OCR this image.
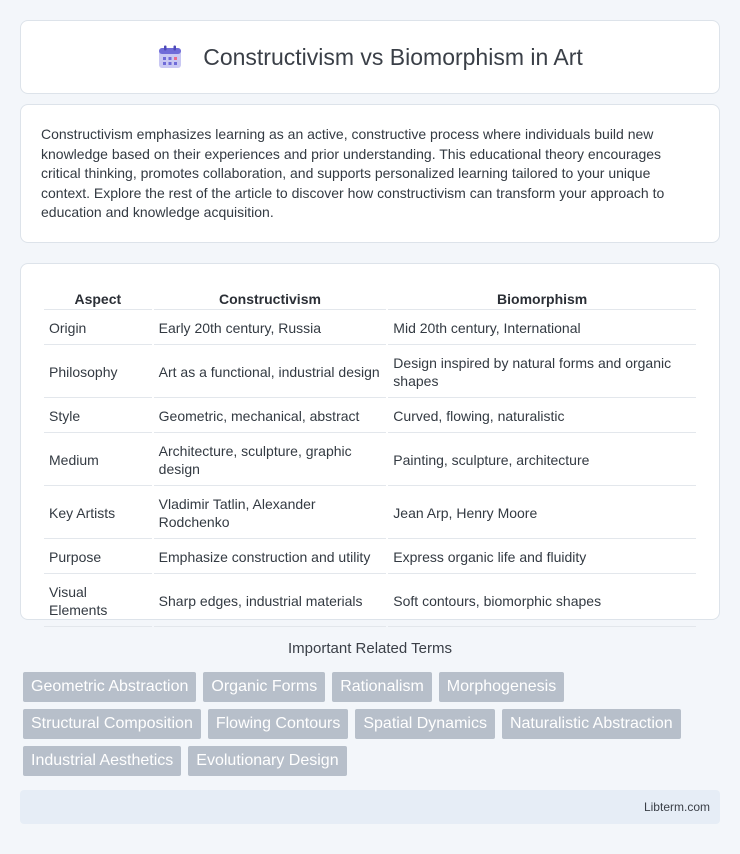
Constructivism vs Biomorphism in Art

Constructivism emphasizes learning as an active, constructive process where individuals build new knowledge based on their experiences and prior understanding. This educational theory encourages critical thinking, promotes collaboration, and supports personalized learning tailored to your unique context. Explore the rest of the article to discover how constructivism can transform your approach to education and knowledge acquisition.

Aspect	Constructivism	Biomorphism
Origin	Early 20th century, Russia	Mid 20th century, International
Philosophy	Art as a functional, industrial design	Design inspired by natural forms and organic shapes
Style	Geometric, mechanical, abstract	Curved, flowing, naturalistic
Medium	Architecture, sculpture, graphic design	Painting, sculpture, architecture
Key Artists	Vladimir Tatlin, Alexander Rodchenko	Jean Arp, Henry Moore
Purpose	Emphasize construction and utility	Express organic life and fluidity
Visual Elements	Sharp edges, industrial materials	Soft contours, biomorphic shapes
Important Related Terms
Geometric Abstraction	Organic Forms	Rationalism	Morphogenesis
Structural Composition	Flowing Contours	Spatial Dynamics	Naturalistic Abstraction
Industrial Aesthetics	Evolutionary Design
Libterm.com
